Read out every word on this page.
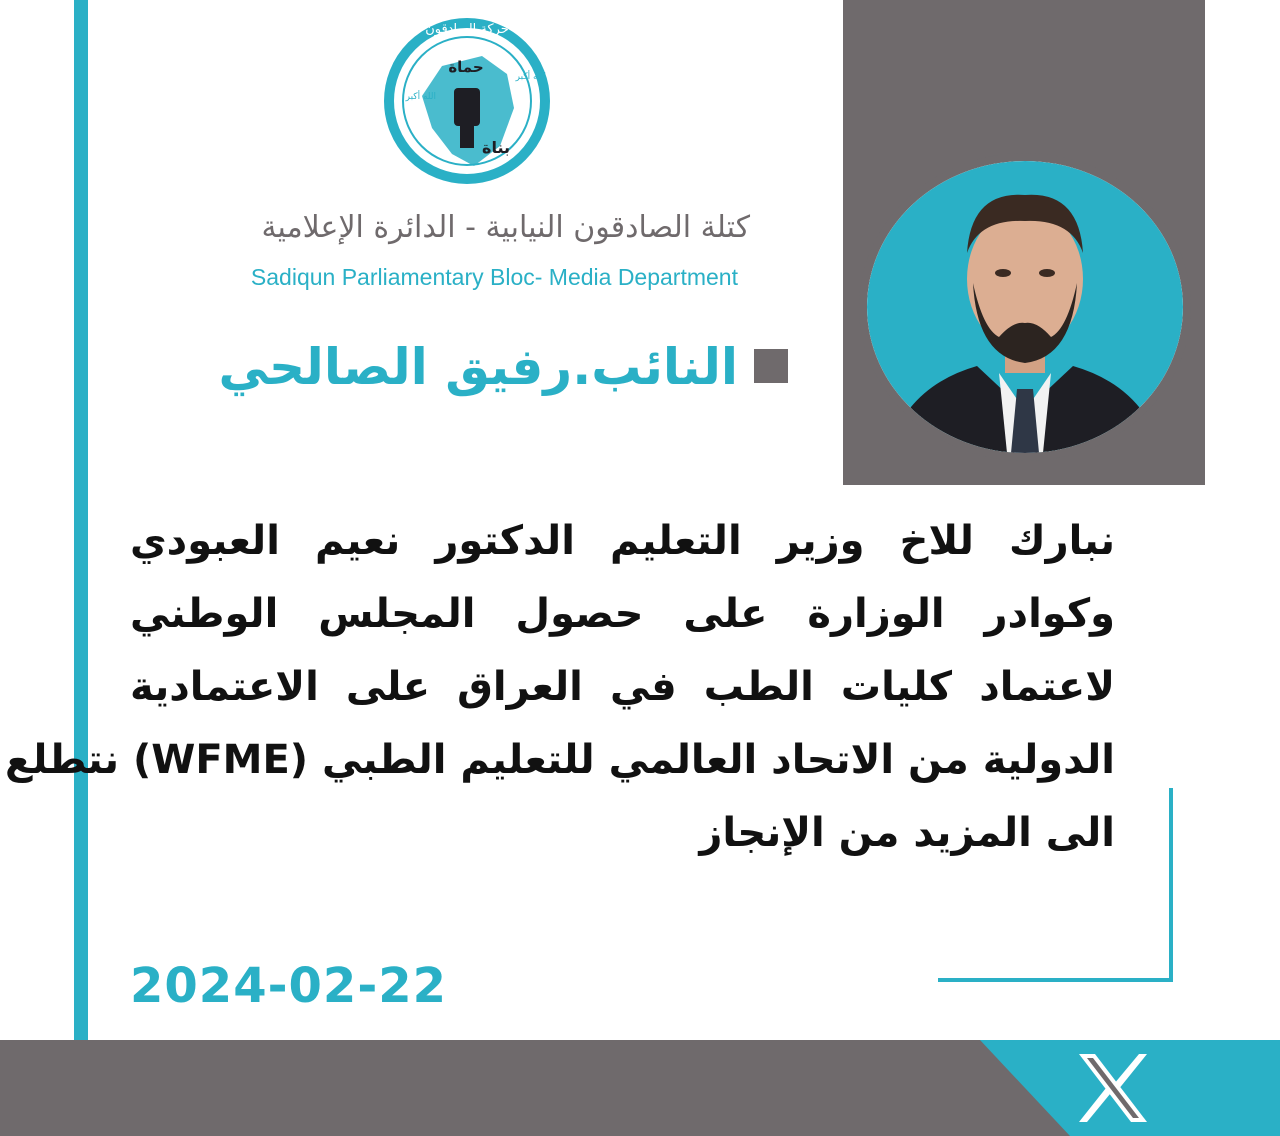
حركة الصادقون
حماة
بناة
الله أكبر
الله أكبر
كتلة الصادقون النيابية - الدائرة الإعلامية
Sadiqun Parliamentary Bloc- Media Department
النائب.رفيق الصالحي
نبارك للاخ وزير التعليم الدكتور نعيم العبودي
وكوادر الوزارة على حصول المجلس الوطني
لاعتماد كليات الطب في العراق على الاعتمادية
الدولية من الاتحاد العالمي للتعليم الطبي (WFME) نتطلع
الى المزيد من الإنجاز
2024-02-22
